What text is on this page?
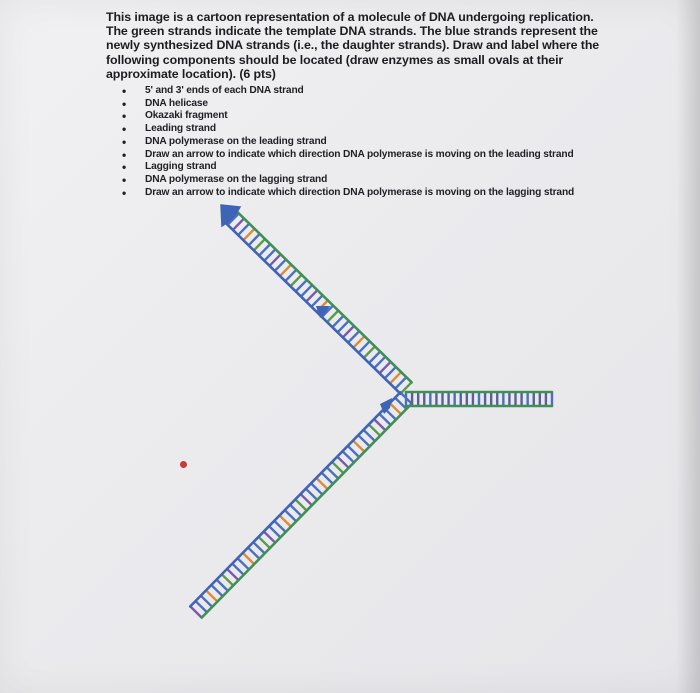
This image is a cartoon representation of a molecule of DNA undergoing replication. The green strands indicate the template DNA strands. The blue strands represent the newly synthesized DNA strands (i.e., the daughter strands). Draw and label where the following components should be located (draw enzymes as small ovals at their approximate location). (6 pts)

• 5' and 3' ends of each DNA strand
• DNA helicase
• Okazaki fragment
• Leading strand
• DNA polymerase on the leading strand
• Draw an arrow to indicate which direction DNA polymerase is moving on the leading strand
• Lagging strand
• DNA polymerase on the lagging strand
• Draw an arrow to indicate which direction DNA polymerase is moving on the lagging strand
